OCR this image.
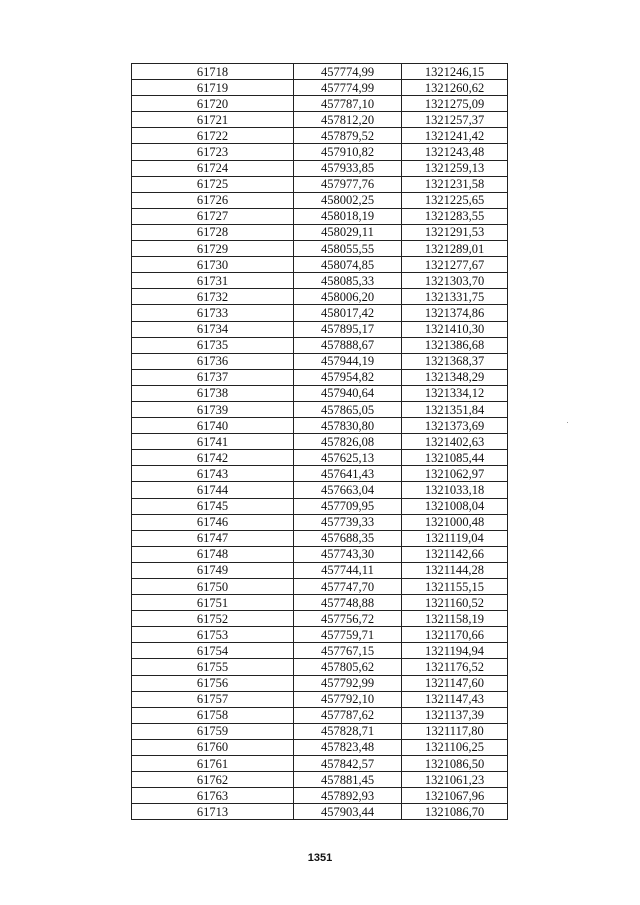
61718	457774,99	1321246,15
61719	457774,99	1321260,62
61720	457787,10	1321275,09
61721	457812,20	1321257,37
61722	457879,52	1321241,42
61723	457910,82	1321243,48
61724	457933,85	1321259,13
61725	457977,76	1321231,58
61726	458002,25	1321225,65
61727	458018,19	1321283,55
61728	458029,11	1321291,53
61729	458055,55	1321289,01
61730	458074,85	1321277,67
61731	458085,33	1321303,70
61732	458006,20	1321331,75
61733	458017,42	1321374,86
61734	457895,17	1321410,30
61735	457888,67	1321386,68
61736	457944,19	1321368,37
61737	457954,82	1321348,29
61738	457940,64	1321334,12
61739	457865,05	1321351,84
61740	457830,80	1321373,69
61741	457826,08	1321402,63
61742	457625,13	1321085,44
61743	457641,43	1321062,97
61744	457663,04	1321033,18
61745	457709,95	1321008,04
61746	457739,33	1321000,48
61747	457688,35	1321119,04
61748	457743,30	1321142,66
61749	457744,11	1321144,28
61750	457747,70	1321155,15
61751	457748,88	1321160,52
61752	457756,72	1321158,19
61753	457759,71	1321170,66
61754	457767,15	1321194,94
61755	457805,62	1321176,52
61756	457792,99	1321147,60
61757	457792,10	1321147,43
61758	457787,62	1321137,39
61759	457828,71	1321117,80
61760	457823,48	1321106,25
61761	457842,57	1321086,50
61762	457881,45	1321061,23
61763	457892,93	1321067,96
61713	457903,44	1321086,70
1351
